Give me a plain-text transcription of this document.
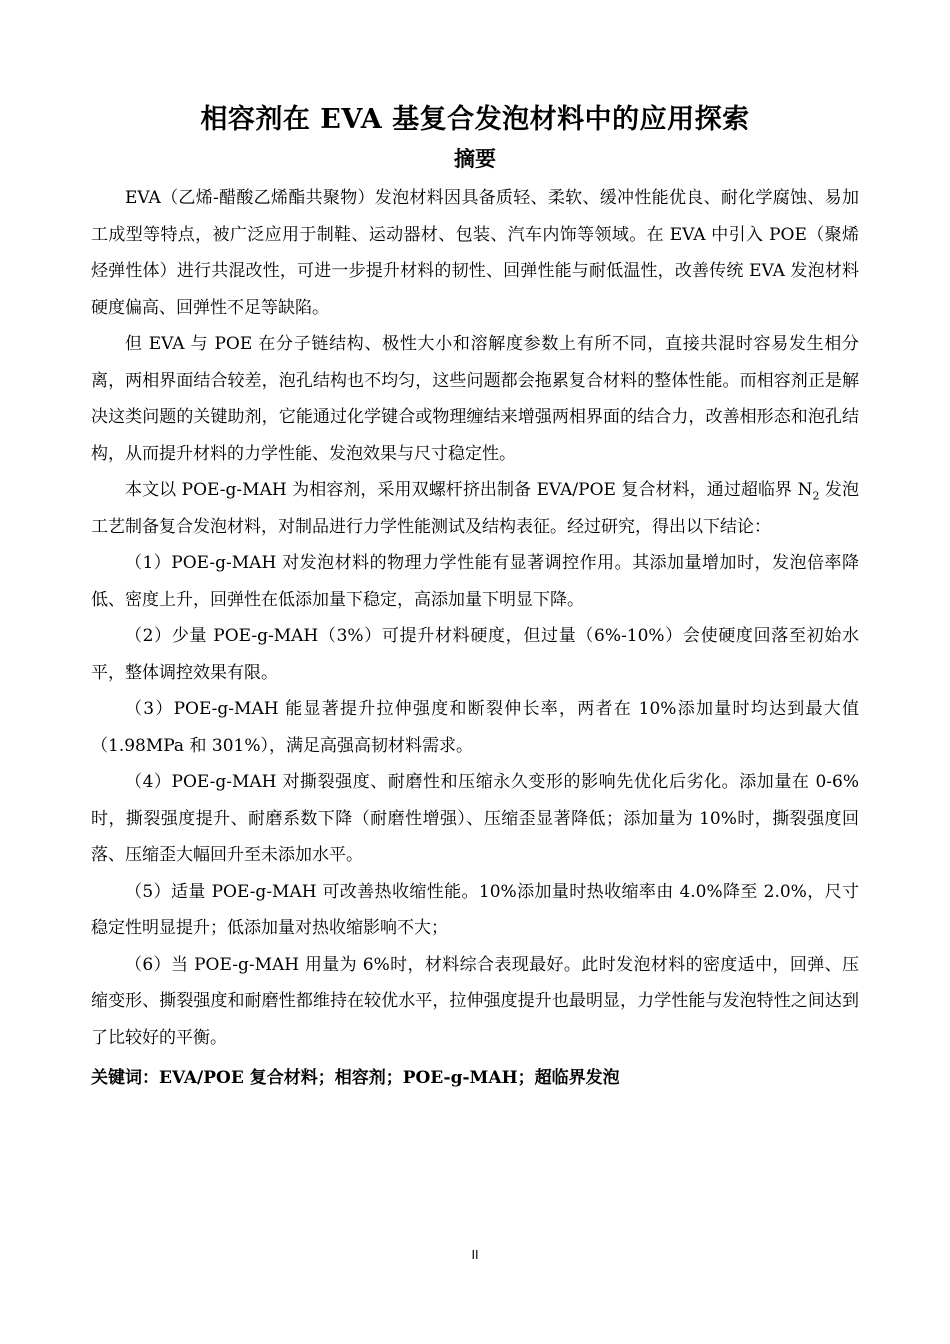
相容剂在 EVA 基复合发泡材料中的应用探索
摘要

EVA（乙烯-醋酸乙烯酯共聚物）发泡材料因具备质轻、柔软、缓冲性能优良、耐化学腐蚀、易加工成型等特点，被广泛应用于制鞋、运动器材、包装、汽车内饰等领域。在 EVA 中引入 POE（聚烯烃弹性体）进行共混改性，可进一步提升材料的韧性、回弹性能与耐低温性，改善传统 EVA 发泡材料硬度偏高、回弹性不足等缺陷。

但 EVA 与 POE 在分子链结构、极性大小和溶解度参数上有所不同，直接共混时容易发生相分离，两相界面结合较差，泡孔结构也不均匀，这些问题都会拖累复合材料的整体性能。而相容剂正是解决这类问题的关键助剂，它能通过化学键合或物理缠结来增强两相界面的结合力，改善相形态和泡孔结构，从而提升材料的力学性能、发泡效果与尺寸稳定性。

本文以 POE-g-MAH 为相容剂，采用双螺杆挤出制备 EVA/POE 复合材料，通过超临界 $N_2$ 发泡工艺制备复合发泡材料，对制品进行力学性能测试及结构表征。经过研究，得出以下结论：

（1）POE-g-MAH 对发泡材料的物理力学性能有显著调控作用。其添加量增加时，发泡倍率降低、密度上升，回弹性在低添加量下稳定，高添加量下明显下降。

（2）少量 POE-g-MAH（3%）可提升材料硬度，但过量（6%-10%）会使硬度回落至初始水平，整体调控效果有限。

（3）POE-g-MAH 能显著提升拉伸强度和断裂伸长率，两者在 10%添加量时均达到最大值（1.98MPa 和 301%），满足高强高韧材料需求。

（4）POE-g-MAH 对撕裂强度、耐磨性和压缩永久变形的影响先优化后劣化。添加量在 0-6%时，撕裂强度提升、耐磨系数下降（耐磨性增强）、压缩歪显著降低；添加量为 10%时，撕裂强度回落、压缩歪大幅回升至未添加水平。

（5）适量 POE-g-MAH 可改善热收缩性能。10%添加量时热收缩率由 4.0%降至 2.0%，尺寸稳定性明显提升；低添加量对热收缩影响不大；

（6）当 POE-g-MAH 用量为 6%时，材料综合表现最好。此时发泡材料的密度适中，回弹、压缩变形、撕裂强度和耐磨性都维持在较优水平，拉伸强度提升也最明显，力学性能与发泡特性之间达到了比较好的平衡。

关键词：EVA/POE 复合材料；相容剂；POE-g-MAH；超临界发泡

II
